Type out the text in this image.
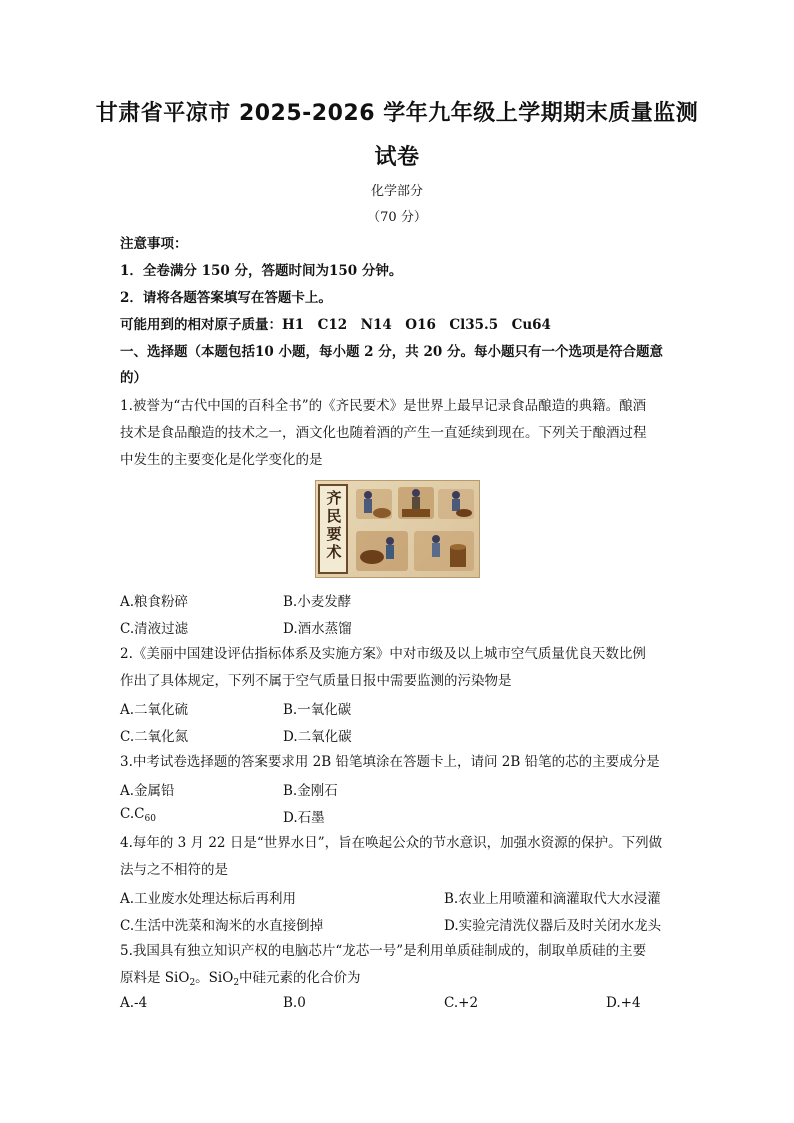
甘肃省平凉市 2025-2026 学年九年级上学期期末质量监测
试卷
化学部分
（70 分）
注意事项：
1．全卷满分 150 分，答题时间为150 分钟。
2．请将各题答案填写在答题卡上。
可能用到的相对原子质量：H1　C12　N14　O16　Cl35.5　Cu64
一、选择题（本题包括10 小题，每小题 2 分，共 20 分。每小题只有一个选项是符合题意
的）
1.被誉为“古代中国的百科全书”的《齐民要术》是世界上最早记录食品酿造的典籍。酿酒
技术是食品酿造的技术之一，酒文化也随着酒的产生一直延续到现在。下列关于酿酒过程
中发生的主要变化是化学变化的是
齐民要术
A.粮食粉碎	B.小麦发酵
C.清液过滤	D.酒水蒸馏
2.《美丽中国建设评估指标体系及实施方案》中对市级及以上城市空气质量优良天数比例
作出了具体规定，下列不属于空气质量日报中需要监测的污染物是
A.二氧化硫	B.一氧化碳
C.二氧化氮	D.二氧化碳
3.中考试卷选择题的答案要求用 2B 铅笔填涂在答题卡上，请问 2B 铅笔的芯的主要成分是
A.金属铅	B.金刚石
$C.C_{60}$	D.石墨
4.每年的 3 月 22 日是“世界水日”，旨在唤起公众的节水意识，加强水资源的保护。下列做
法与之不相符的是
A.工业废水处理达标后再利用	B.农业上用喷灌和滴灌取代大水浸灌
C.生活中洗菜和淘米的水直接倒掉	D.实验完清洗仪器后及时关闭水龙头
5.我国具有独立知识产权的电脑芯片“龙芯一号”是利用单质硅制成的，制取单质硅的主要
原料是 SiO$_2$。SiO$_2$中硅元素的化合价为
A.-4	B.0	C.+2	D.+4
